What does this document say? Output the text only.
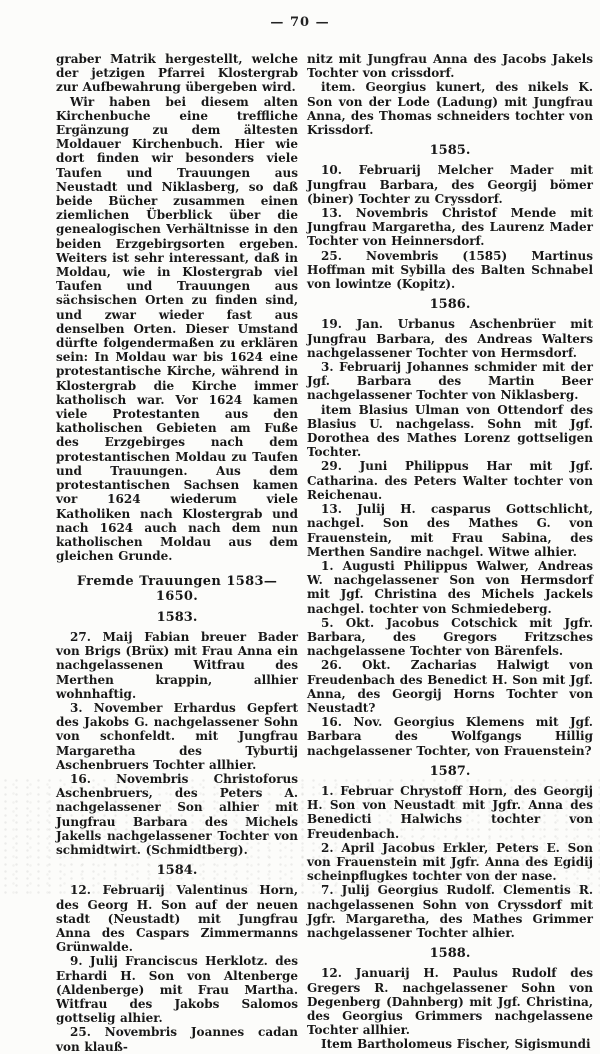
— 70 —
graber Matrik hergestellt, welche der jetzigen Pfarrei Klostergrab zur Aufbewahrung übergeben wird.
Wir haben bei diesem alten Kirchenbuche eine treffliche Ergänzung zu dem ältesten Moldauer Kirchenbuch. Hier wie dort finden wir besonders viele Taufen und Trauungen aus Neustadt und Niklasberg, so daß beide Bücher zusammen einen ziemlichen Überblick über die genealogischen Verhältnisse in den beiden Erzgebirgsorten ergeben. Weiters ist sehr interessant, daß in Moldau, wie in Klostergrab viel Taufen und Trauungen aus sächsischen Orten zu finden sind, und zwar wieder fast aus denselben Orten. Dieser Umstand dürfte folgendermaßen zu erklären sein: In Moldau war bis 1624 eine protestantische Kirche, während in Klostergrab die Kirche immer katholisch war. Vor 1624 kamen viele Protestanten aus den katholischen Gebieten am Fuße des Erzgebirges nach dem protestantischen Moldau zu Taufen und Trauungen. Aus dem protestantischen Sachsen kamen vor 1624 wiederum viele Katholiken nach Klostergrab und nach 1624 auch nach dem nun katholischen Moldau aus dem gleichen Grunde.
Fremde Trauungen 1583—1650.
1583.
27. Maij Fabian breuer Bader von Brigs (Brüx) mit Frau Anna ein nachgelassenen Witfrau des Merthen krappin, allhier wohnhaftig.
3. November Erhardus Gepfert des Jakobs G. nachgelassener Sohn von schonfeldt. mit Jungfrau Margaretha des Tyburtij Aschenbruers Tochter allhier.
16. Novembris Christoforus Aschenbruers, des Peters A. nachgelassener Son alhier mit Jungfrau Barbara des Michels Jakells nachgelassener Tochter von schmidtwirt. (Schmidtberg).
1584.
12. Februarij Valentinus Horn, des Georg H. Son auf der neuen stadt (Neustadt) mit Jungfrau Anna des Caspars Zimmermanns Grünwalde.
9. Julij Franciscus Herklotz. des Erhardi H. Son von Altenberge (Aldenberge) mit Frau Martha. Witfrau des Jakobs Salomos gottselig alhier.
25. Novembris Joannes cadan von klauß-
nitz mit Jungfrau Anna des Jacobs Jakels Tochter von crissdorf.
item. Georgius kunert, des nikels K. Son von der Lode (Ladung) mit Jungfrau Anna, des Thomas schneiders tochter von Krissdorf.
1585.
10. Februarij Melcher Mader mit Jungfrau Barbara, des Georgij bömer (biner) Tochter zu Cryssdorf.
13. Novembris Christof Mende mit Jungfrau Margaretha, des Laurenz Mader Tochter von Heinnersdorf.
25. Novembris (1585) Martinus Hoffman mit Sybilla des Balten Schnabel von lowintze (Kopitz).
1586.
19. Jan. Urbanus Aschenbrüer mit Jungfrau Barbara, des Andreas Walters nachgelassener Tochter von Hermsdorf.
3. Februarij Johannes schmider mit der Jgf. Barbara des Martin Beer nachgelassener Tochter von Niklasberg.
item Blasius Ulman von Ottendorf des Blasius U. nachgelass. Sohn mit Jgf. Dorothea des Mathes Lorenz gottseligen Tochter.
29. Juni Philippus Har mit Jgf. Catharina. des Peters Walter tochter von Reichenau.
13. Julij H. casparus Gottschlicht, nachgel. Son des Mathes G. von Frauenstein, mit Frau Sabina, des Merthen Sandire nachgel. Witwe alhier.
1. Augusti Philippus Walwer, Andreas W. nachgelassener Son von Hermsdorf mit Jgf. Christina des Michels Jackels nachgel. tochter von Schmiedeberg.
5. Okt. Jacobus Cotschick mit Jgfr. Barbara, des Gregors Fritzsches nachgelassene Tochter von Bärenfels.
26. Okt. Zacharias Halwigt von Freudenbach des Benedict H. Son mit Jgf. Anna, des Georgij Horns Tochter von Neustadt?
16. Nov. Georgius Klemens mit Jgf. Barbara des Wolfgangs Hillig nachgelassener Tochter, von Frauenstein?
1587.
1. Februar Chrystoff Horn, des Georgij H. Son von Neustadt mit Jgfr. Anna des Benedicti Halwichs tochter von Freudenbach.
2. April Jacobus Erkler, Peters E. Son von Frauenstein mit Jgfr. Anna des Egidij scheinpflugkes tochter von der nase.
7. Julij Georgius Rudolf. Clementis R. nachgelassenen Sohn von Cryssdorf mit Jgfr. Margaretha, des Mathes Grimmer nachgelassener Tochter alhier.
1588.
12. Januarij H. Paulus Rudolf des Gregers R. nachgelassener Sohn von Degenberg (Dahnberg) mit Jgf. Christina, des Georgius Grimmers nachgelassene Tochter allhier.
Item Bartholomeus Fischer, Sigismundi
